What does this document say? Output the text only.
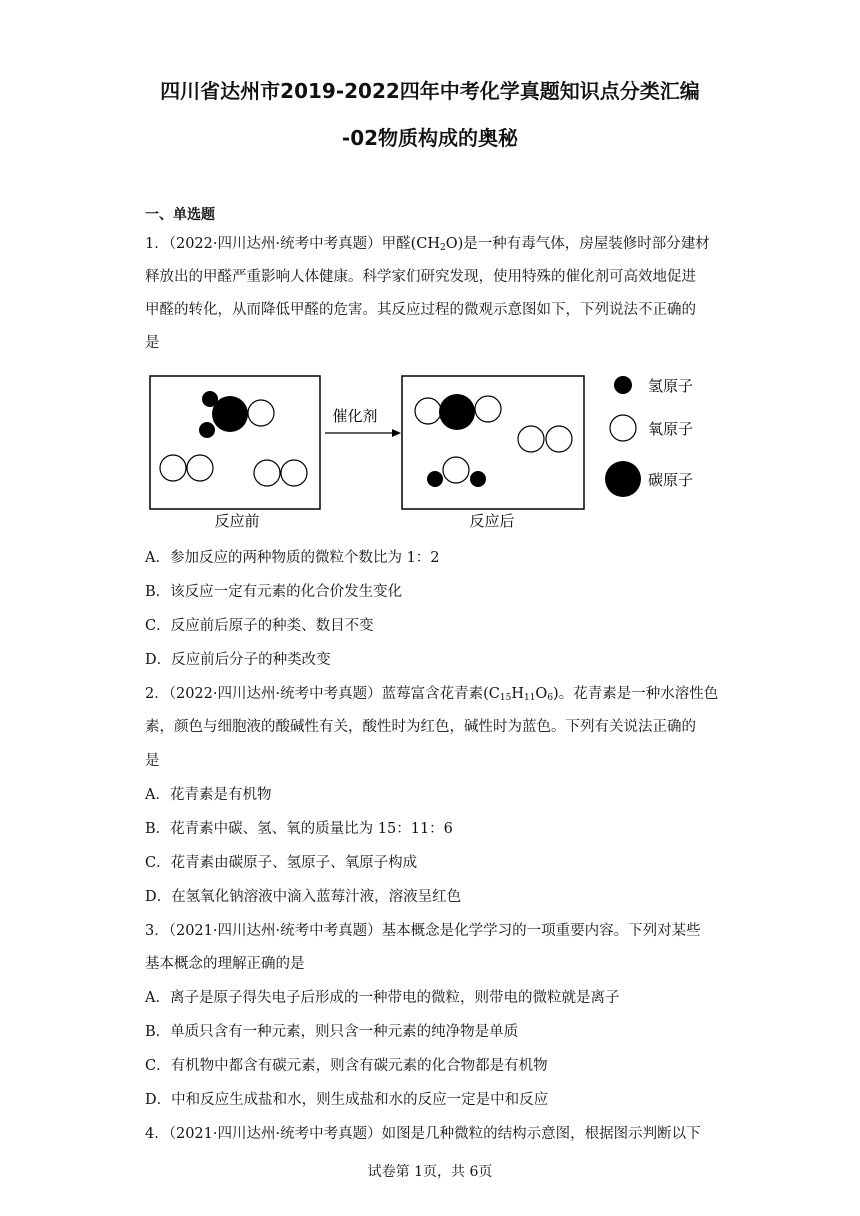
四川省达州市2019-2022四年中考化学真题知识点分类汇编
-02物质构成的奥秘
一、单选题
1．（2022·四川达州·统考中考真题）甲醛$(CH_2O)$是一种有毒气体，房屋装修时部分建材
释放出的甲醛严重影响人体健康。科学家们研究发现，使用特殊的催化剂可高效地促进
甲醛的转化，从而降低甲醛的危害。其反应过程的微观示意图如下，下列说法不正确的
是
反应前
催化剂
反应后
氢原子
氧原子
碳原子
A．参加反应的两种物质的微粒个数比为 1：2
B．该反应一定有元素的化合价发生变化
C．反应前后原子的种类、数目不变
D．反应前后分子的种类改变
2．（2022·四川达州·统考中考真题）蓝莓富含花青素$(C_{15}H_{11}O_6)$。花青素是一种水溶性色
素，颜色与细胞液的酸碱性有关，酸性时为红色，碱性时为蓝色。下列有关说法正确的
是
A．花青素是有机物
B．花青素中碳、氢、氧的质量比为 15：11：6
C．花青素由碳原子、氢原子、氧原子构成
D．在氢氧化钠溶液中滴入蓝莓汁液，溶液呈红色
3．（2021·四川达州·统考中考真题）基本概念是化学学习的一项重要内容。下列对某些
基本概念的理解正确的是
A．离子是原子得失电子后形成的一种带电的微粒，则带电的微粒就是离子
B．单质只含有一种元素，则只含一种元素的纯净物是单质
C．有机物中都含有碳元素，则含有碳元素的化合物都是有机物
D．中和反应生成盐和水，则生成盐和水的反应一定是中和反应
4．（2021·四川达州·统考中考真题）如图是几种微粒的结构示意图，根据图示判断以下
试卷第 1页，共 6页
